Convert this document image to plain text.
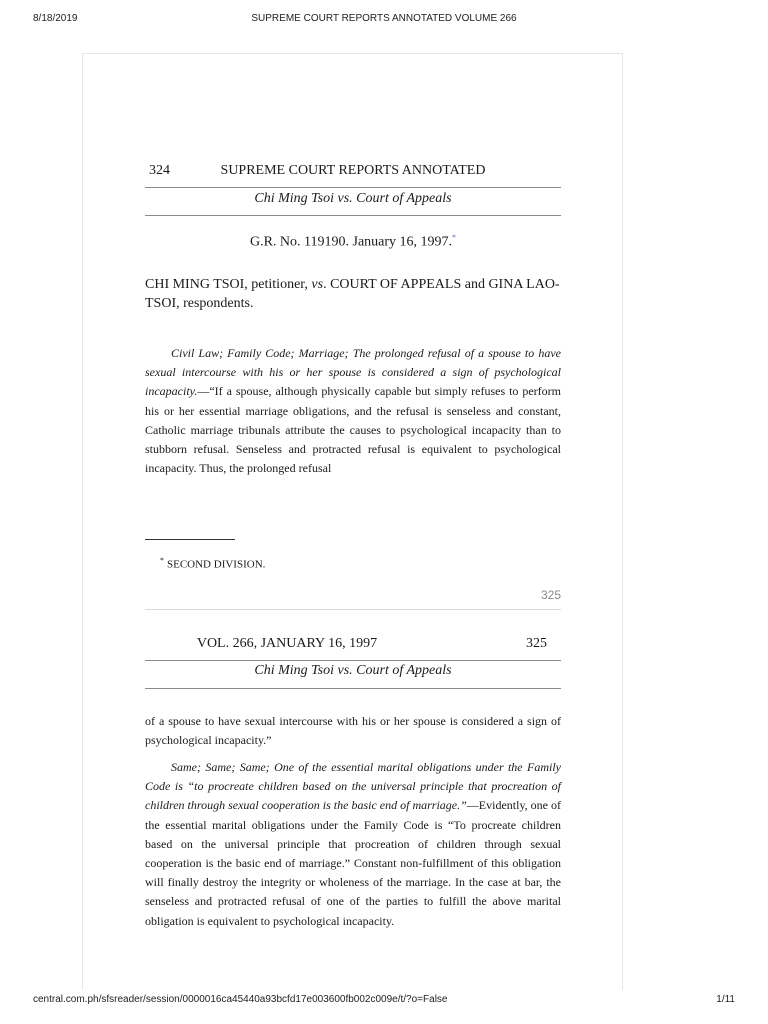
8/18/2019	SUPREME COURT REPORTS ANNOTATED VOLUME 266
324	SUPREME COURT REPORTS ANNOTATED
Chi Ming Tsoi vs. Court of Appeals
G.R. No. 119190. January 16, 1997.*
CHI MING TSOI, petitioner, vs. COURT OF APPEALS and GINA LAO-TSOI, respondents.
Civil Law; Family Code; Marriage; The prolonged refusal of a spouse to have sexual intercourse with his or her spouse is considered a sign of psychological incapacity.—“If a spouse, although physically capable but simply refuses to perform his or her essential marriage obligations, and the refusal is senseless and constant, Catholic marriage tribunals attribute the causes to psychological incapacity than to stubborn refusal. Senseless and protracted refusal is equivalent to psychological incapacity. Thus, the prolonged refusal
* SECOND DIVISION.
325
VOL. 266, JANUARY 16, 1997	325
Chi Ming Tsoi vs. Court of Appeals
of a spouse to have sexual intercourse with his or her spouse is considered a sign of psychological incapacity.”
Same; Same; Same; One of the essential marital obligations under the Family Code is “to procreate children based on the universal principle that procreation of children through sexual cooperation is the basic end of marriage.”—Evidently, one of the essential marital obligations under the Family Code is “To procreate children based on the universal principle that procreation of children through sexual cooperation is the basic end of marriage.” Constant non-fulfillment of this obligation will finally destroy the integrity or wholeness of the marriage. In the case at bar, the senseless and protracted refusal of one of the parties to fulfill the above marital obligation is equivalent to psychological incapacity.
central.com.ph/sfsreader/session/0000016ca45440a93bcfd17e003600fb002c009e/t/?o=False	1/11
